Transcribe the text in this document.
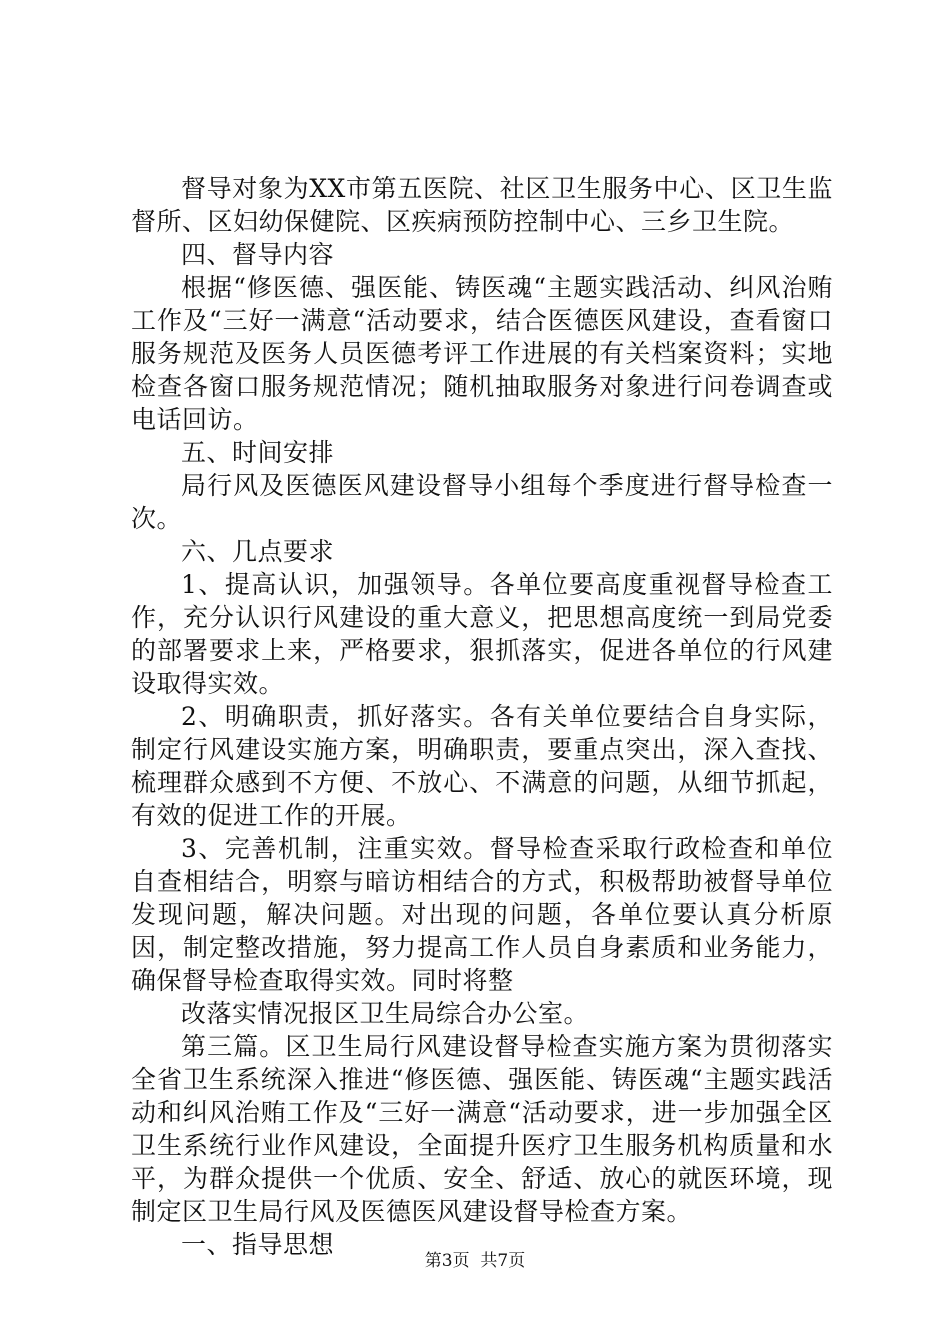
督导对象为XX市第五医院、社区卫生服务中心、区卫生监督所、区妇幼保健院、区疾病预防控制中心、三乡卫生院。

四、督导内容

根据“修医德、强医能、铸医魂“主题实践活动、纠风治贿工作及“三好一满意“活动要求，结合医德医风建设，查看窗口服务规范及医务人员医德考评工作进展的有关档案资料；实地检查各窗口服务规范情况；随机抽取服务对象进行问卷调查或电话回访。

五、时间安排

局行风及医德医风建设督导小组每个季度进行督导检查一次。

六、几点要求

1、提高认识，加强领导。各单位要高度重视督导检查工作，充分认识行风建设的重大意义，把思想高度统一到局党委的部署要求上来，严格要求，狠抓落实，促进各单位的行风建设取得实效。

2、明确职责，抓好落实。各有关单位要结合自身实际，制定行风建设实施方案，明确职责，要重点突出，深入查找、梳理群众感到不方便、不放心、不满意的问题，从细节抓起，有效的促进工作的开展。

3、完善机制，注重实效。督导检查采取行政检查和单位自查相结合，明察与暗访相结合的方式，积极帮助被督导单位发现问题，解决问题。对出现的问题，各单位要认真分析原因，制定整改措施，努力提高工作人员自身素质和业务能力，确保督导检查取得实效。同时将整

改落实情况报区卫生局综合办公室。

第三篇。区卫生局行风建设督导检查实施方案为贯彻落实全省卫生系统深入推进“修医德、强医能、铸医魂“主题实践活动和纠风治贿工作及“三好一满意“活动要求，进一步加强全区卫生系统行业作风建设，全面提升医疗卫生服务机构质量和水平，为群众提供一个优质、安全、舒适、放心的就医环境，现制定区卫生局行风及医德医风建设督导检查方案。

一、指导思想

第3页  共7页
